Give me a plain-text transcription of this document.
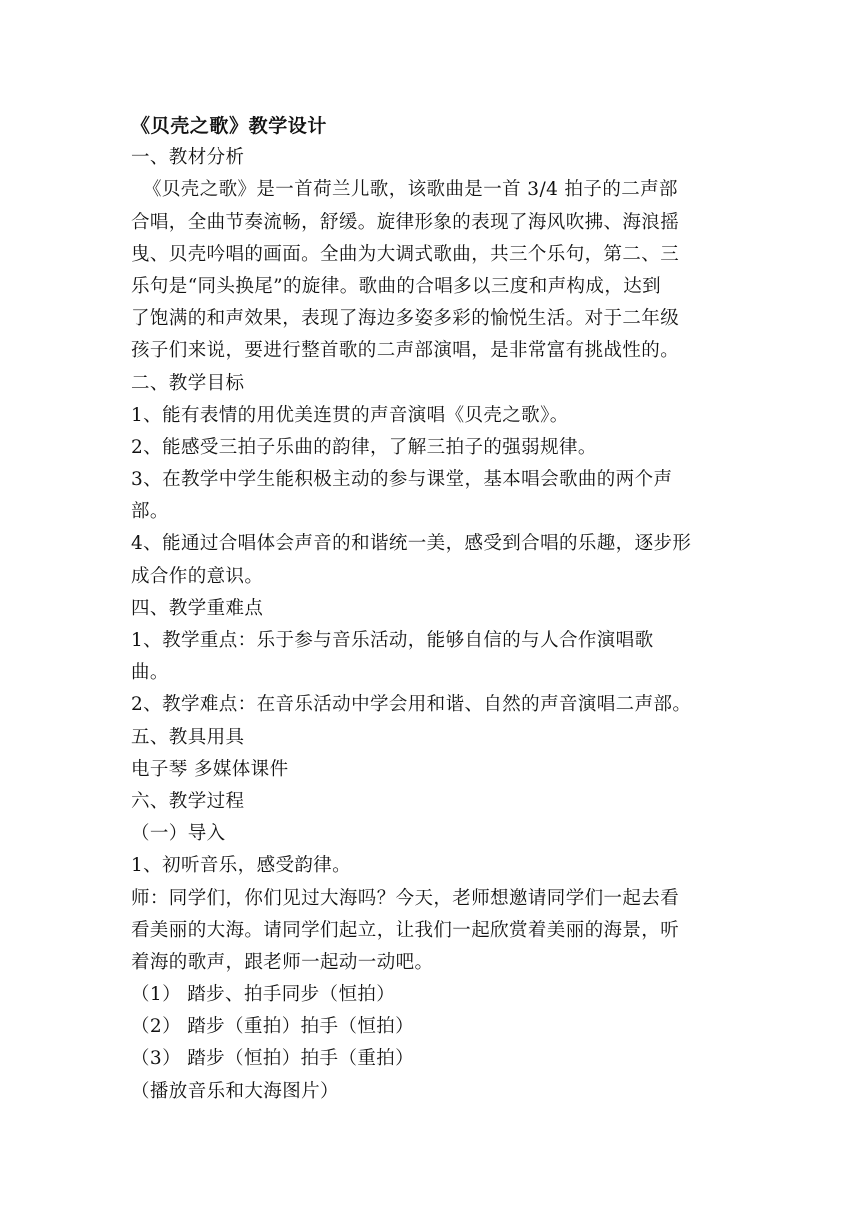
《贝壳之歌》教学设计
一、教材分析
《贝壳之歌》是一首荷兰儿歌，该歌曲是一首 3/4 拍子的二声部
合唱，全曲节奏流畅，舒缓。旋律形象的表现了海风吹拂、海浪摇
曳、贝壳吟唱的画面。全曲为大调式歌曲，共三个乐句，第二、三
乐句是“同头换尾”的旋律。歌曲的合唱多以三度和声构成，达到
了饱满的和声效果，表现了海边多姿多彩的愉悦生活。对于二年级
孩子们来说，要进行整首歌的二声部演唱，是非常富有挑战性的。
二、教学目标
1、能有表情的用优美连贯的声音演唱《贝壳之歌》。
2、能感受三拍子乐曲的韵律，了解三拍子的强弱规律。
3、在教学中学生能积极主动的参与课堂，基本唱会歌曲的两个声
部。
4、能通过合唱体会声音的和谐统一美，感受到合唱的乐趣，逐步形
成合作的意识。
四、教学重难点
1、教学重点：乐于参与音乐活动，能够自信的与人合作演唱歌
曲。
2、教学难点：在音乐活动中学会用和谐、自然的声音演唱二声部。
五、教具用具
电子琴 多媒体课件
六、教学过程
（一）导入
1、初听音乐，感受韵律。
师：同学们，你们见过大海吗？今天，老师想邀请同学们一起去看
看美丽的大海。请同学们起立，让我们一起欣赏着美丽的海景，听
着海的歌声，跟老师一起动一动吧。
（1） 踏步、拍手同步（恒拍）
（2） 踏步（重拍）拍手（恒拍）
（3） 踏步（恒拍）拍手（重拍）
（播放音乐和大海图片）
